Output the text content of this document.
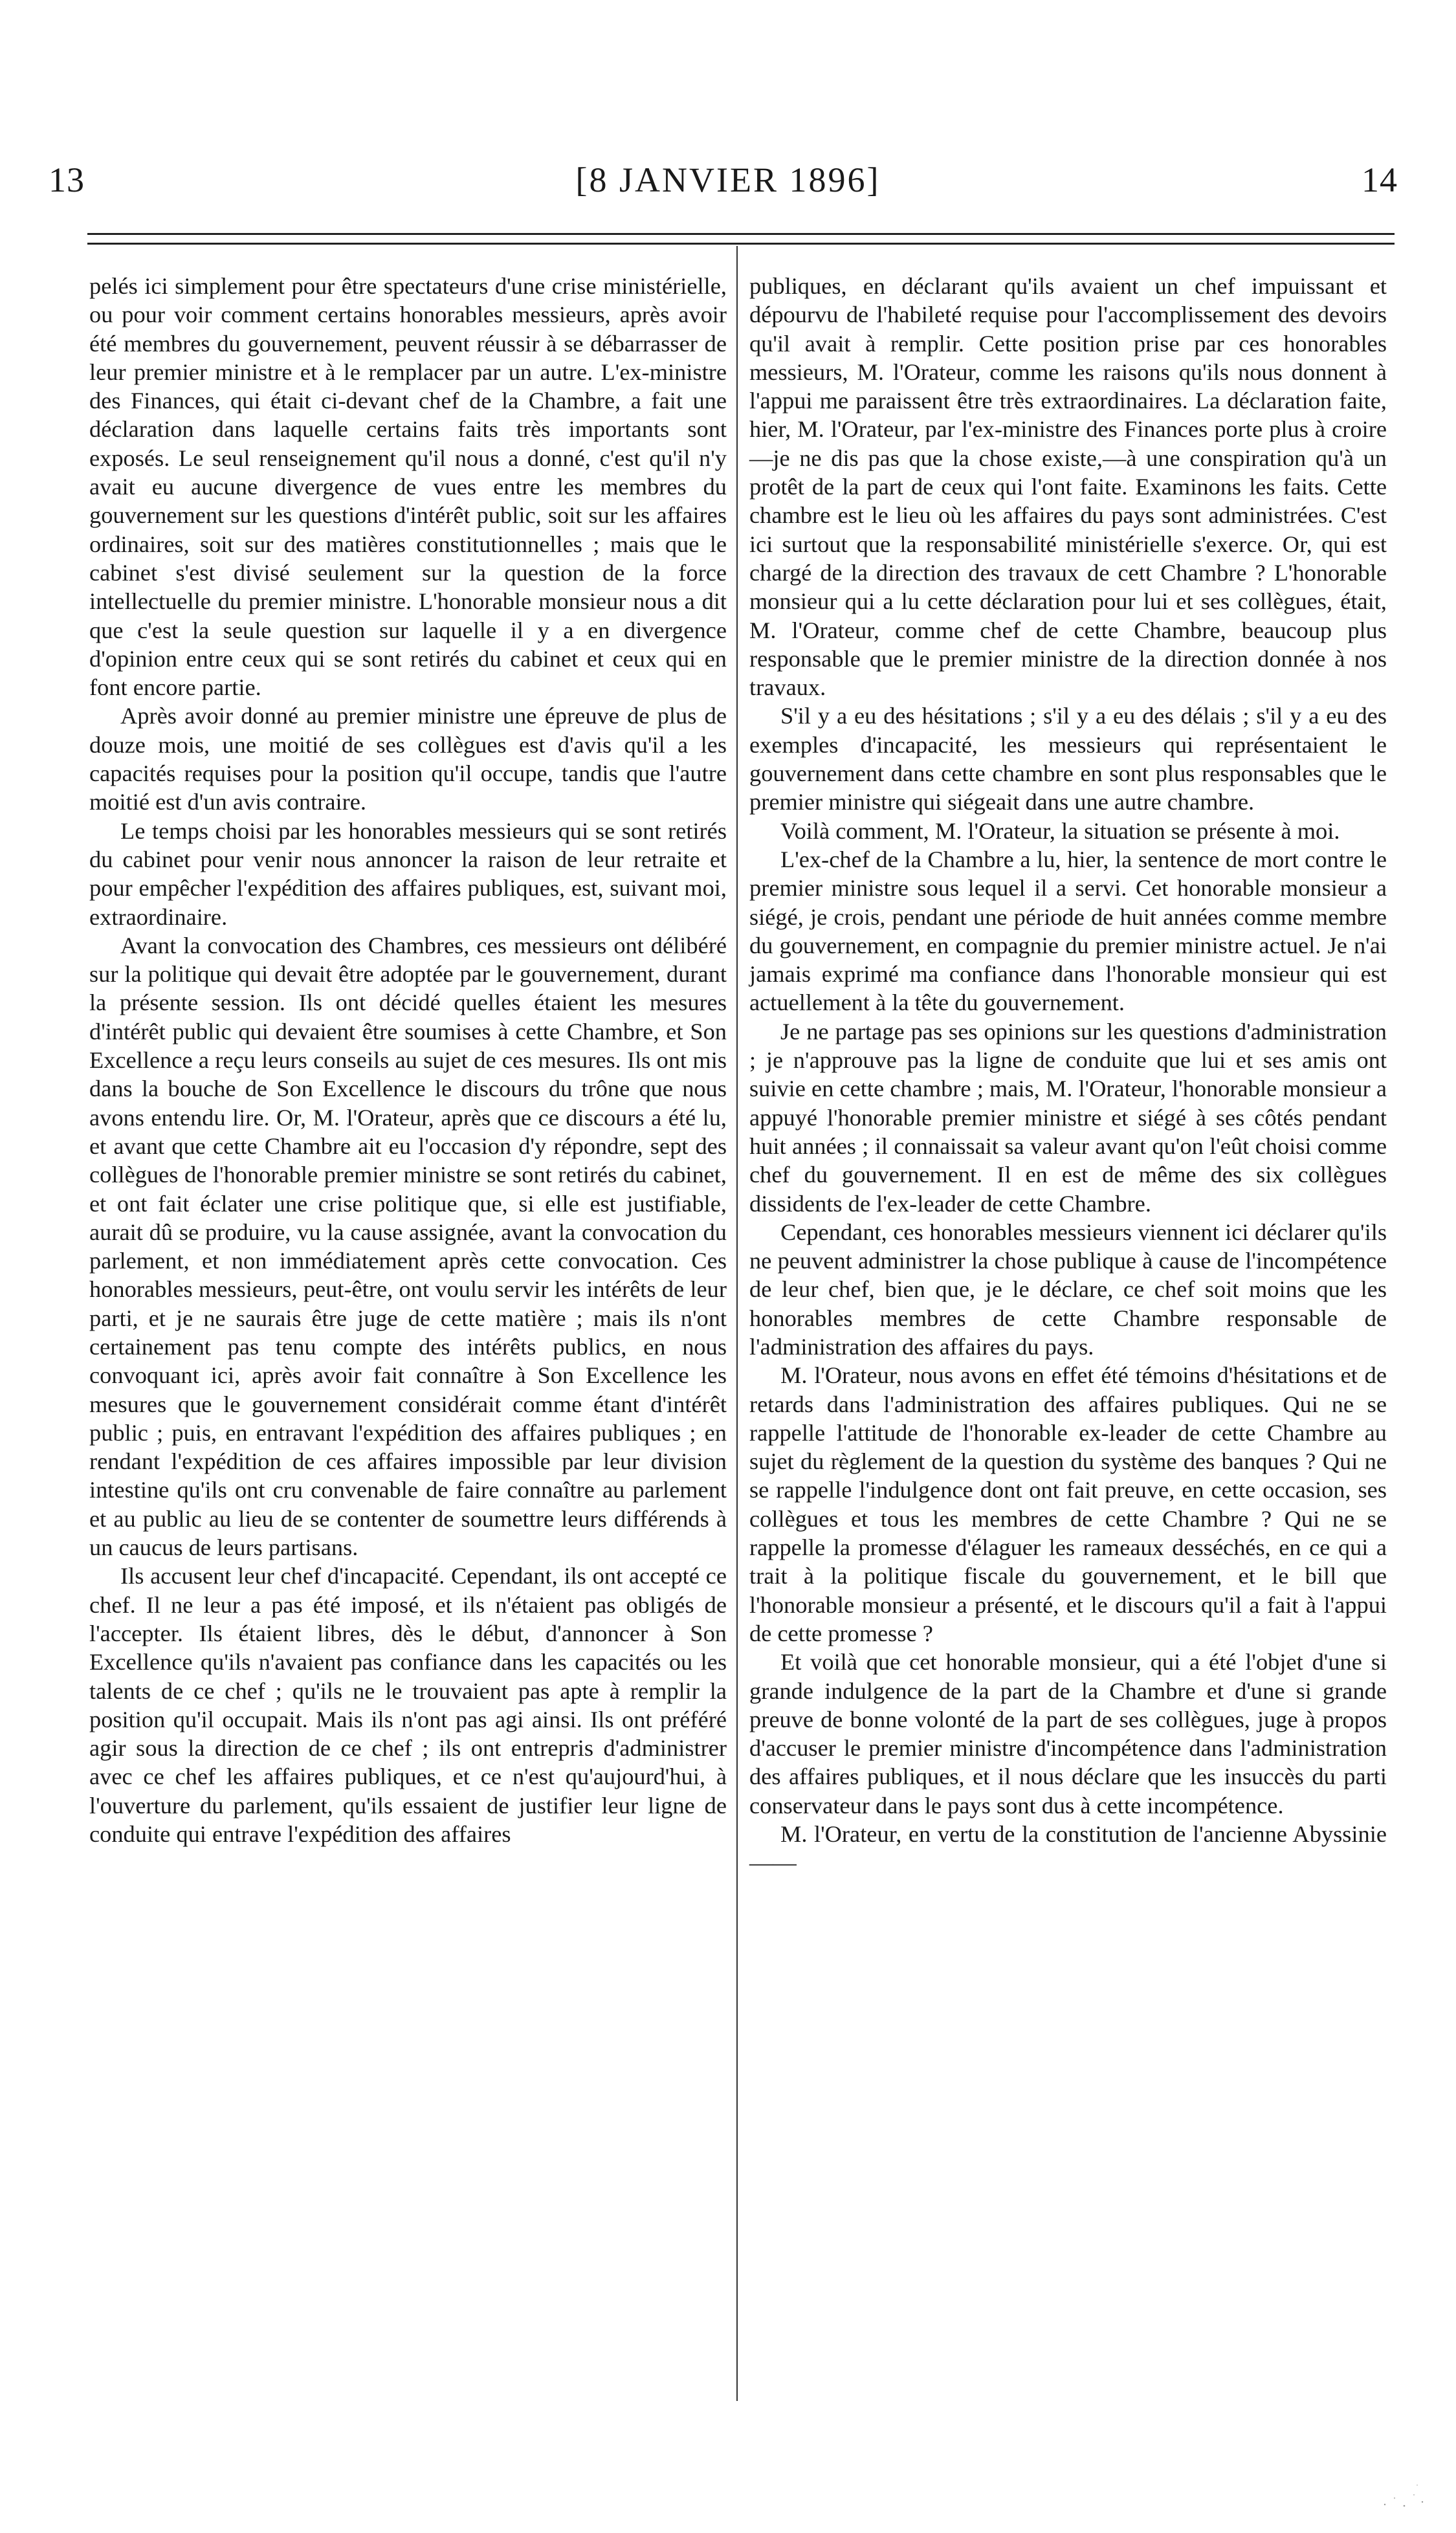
13	[8 JANVIER 1896]	14

pelés ici simplement pour être spectateurs d'une crise ministérielle, ou pour voir comment certains honorables messieurs, après avoir été membres du gouvernement, peuvent réussir à se débarrasser de leur premier ministre et à le remplacer par un autre. L'ex-ministre des Finances, qui était ci-devant chef de la Chambre, a fait une déclaration dans laquelle certains faits très importants sont exposés. Le seul renseignement qu'il nous a donné, c'est qu'il n'y avait eu aucune divergence de vues entre les membres du gouvernement sur les questions d'intérêt public, soit sur les affaires ordinaires, soit sur des matières constitutionnelles ; mais que le cabinet s'est divisé seulement sur la question de la force intellectuelle du premier ministre. L'honorable monsieur nous a dit que c'est la seule question sur laquelle il y a en divergence d'opinion entre ceux qui se sont retirés du cabinet et ceux qui en font encore partie.

Après avoir donné au premier ministre une épreuve de plus de douze mois, une moitié de ses collègues est d'avis qu'il a les capacités requises pour la position qu'il occupe, tandis que l'autre moitié est d'un avis contraire.

Le temps choisi par les honorables messieurs qui se sont retirés du cabinet pour venir nous annoncer la raison de leur retraite et pour empêcher l'expédition des affaires publiques, est, suivant moi, extraordinaire.

Avant la convocation des Chambres, ces messieurs ont délibéré sur la politique qui devait être adoptée par le gouvernement, durant la présente session. Ils ont décidé quelles étaient les mesures d'intérêt public qui devaient être soumises à cette Chambre, et Son Excellence a reçu leurs conseils au sujet de ces mesures. Ils ont mis dans la bouche de Son Excellence le discours du trône que nous avons entendu lire. Or, M. l'Orateur, après que ce discours a été lu, et avant que cette Chambre ait eu l'occasion d'y répondre, sept des collègues de l'honorable premier ministre se sont retirés du cabinet, et ont fait éclater une crise politique que, si elle est justifiable, aurait dû se produire, vu la cause assignée, avant la convocation du parlement, et non immédiatement après cette convocation. Ces honorables messieurs, peut-être, ont voulu servir les intérêts de leur parti, et je ne saurais être juge de cette matière ; mais ils n'ont certainement pas tenu compte des intérêts publics, en nous convoquant ici, après avoir fait connaître à Son Excellence les mesures que le gouvernement considérait comme étant d'intérêt public ; puis, en entravant l'expédition des affaires publiques ; en rendant l'expédition de ces affaires impossible par leur division intestine qu'ils ont cru convenable de faire connaître au parlement et au public au lieu de se contenter de soumettre leurs différends à un caucus de leurs partisans.

Ils accusent leur chef d'incapacité. Cependant, ils ont accepté ce chef. Il ne leur a pas été imposé, et ils n'étaient pas obligés de l'accepter. Ils étaient libres, dès le début, d'annoncer à Son Excellence qu'ils n'avaient pas confiance dans les capacités ou les talents de ce chef ; qu'ils ne le trouvaient pas apte à remplir la position qu'il occupait. Mais ils n'ont pas agi ainsi. Ils ont préféré agir sous la direction de ce chef ; ils ont entrepris d'administrer avec ce chef les affaires publiques, et ce n'est qu'aujourd'hui, à l'ouverture du parlement, qu'ils essaient de justifier leur ligne de conduite qui entrave l'expédition des affaires

publiques, en déclarant qu'ils avaient un chef impuissant et dépourvu de l'habileté requise pour l'accomplissement des devoirs qu'il avait à remplir. Cette position prise par ces honorables messieurs, M. l'Orateur, comme les raisons qu'ils nous donnent à l'appui me paraissent être très extraordinaires. La déclaration faite, hier, M. l'Orateur, par l'ex-ministre des Finances porte plus à croire—je ne dis pas que la chose existe,—à une conspiration qu'à un protêt de la part de ceux qui l'ont faite. Examinons les faits. Cette chambre est le lieu où les affaires du pays sont administrées. C'est ici surtout que la responsabilité ministérielle s'exerce. Or, qui est chargé de la direction des travaux de cett Chambre ? L'honorable monsieur qui a lu cette déclaration pour lui et ses collègues, était, M. l'Orateur, comme chef de cette Chambre, beaucoup plus responsable que le premier ministre de la direction donnée à nos travaux.

S'il y a eu des hésitations ; s'il y a eu des délais ; s'il y a eu des exemples d'incapacité, les messieurs qui représentaient le gouvernement dans cette chambre en sont plus responsables que le premier ministre qui siégeait dans une autre chambre.

Voilà comment, M. l'Orateur, la situation se présente à moi.

L'ex-chef de la Chambre a lu, hier, la sentence de mort contre le premier ministre sous lequel il a servi. Cet honorable monsieur a siégé, je crois, pendant une période de huit années comme membre du gouvernement, en compagnie du premier ministre actuel. Je n'ai jamais exprimé ma confiance dans l'honorable monsieur qui est actuellement à la tête du gouvernement.

Je ne partage pas ses opinions sur les questions d'administration ; je n'approuve pas la ligne de conduite que lui et ses amis ont suivie en cette chambre ; mais, M. l'Orateur, l'honorable monsieur a appuyé l'honorable premier ministre et siégé à ses côtés pendant huit années ; il connaissait sa valeur avant qu'on l'eût choisi comme chef du gouvernement. Il en est de même des six collègues dissidents de l'ex-leader de cette Chambre.

Cependant, ces honorables messieurs viennent ici déclarer qu'ils ne peuvent administrer la chose publique à cause de l'incompétence de leur chef, bien que, je le déclare, ce chef soit moins que les honorables membres de cette Chambre responsable de l'administration des affaires du pays.

M. l'Orateur, nous avons en effet été témoins d'hésitations et de retards dans l'administration des affaires publiques. Qui ne se rappelle l'attitude de l'honorable ex-leader de cette Chambre au sujet du règlement de la question du système des banques ? Qui ne se rappelle l'indulgence dont ont fait preuve, en cette occasion, ses collègues et tous les membres de cette Chambre ? Qui ne se rappelle la promesse d'élaguer les rameaux desséchés, en ce qui a trait à la politique fiscale du gouvernement, et le bill que l'honorable monsieur a présenté, et le discours qu'il a fait à l'appui de cette promesse ?

Et voilà que cet honorable monsieur, qui a été l'objet d'une si grande indulgence de la part de la Chambre et d'une si grande preuve de bonne volonté de la part de ses collègues, juge à propos d'accuser le premier ministre d'incompétence dans l'administration des affaires publiques, et il nous déclare que les insuccès du parti conservateur dans le pays sont dus à cette incompétence.

M. l'Orateur, en vertu de la constitution de l'ancienne Abyssinie——
